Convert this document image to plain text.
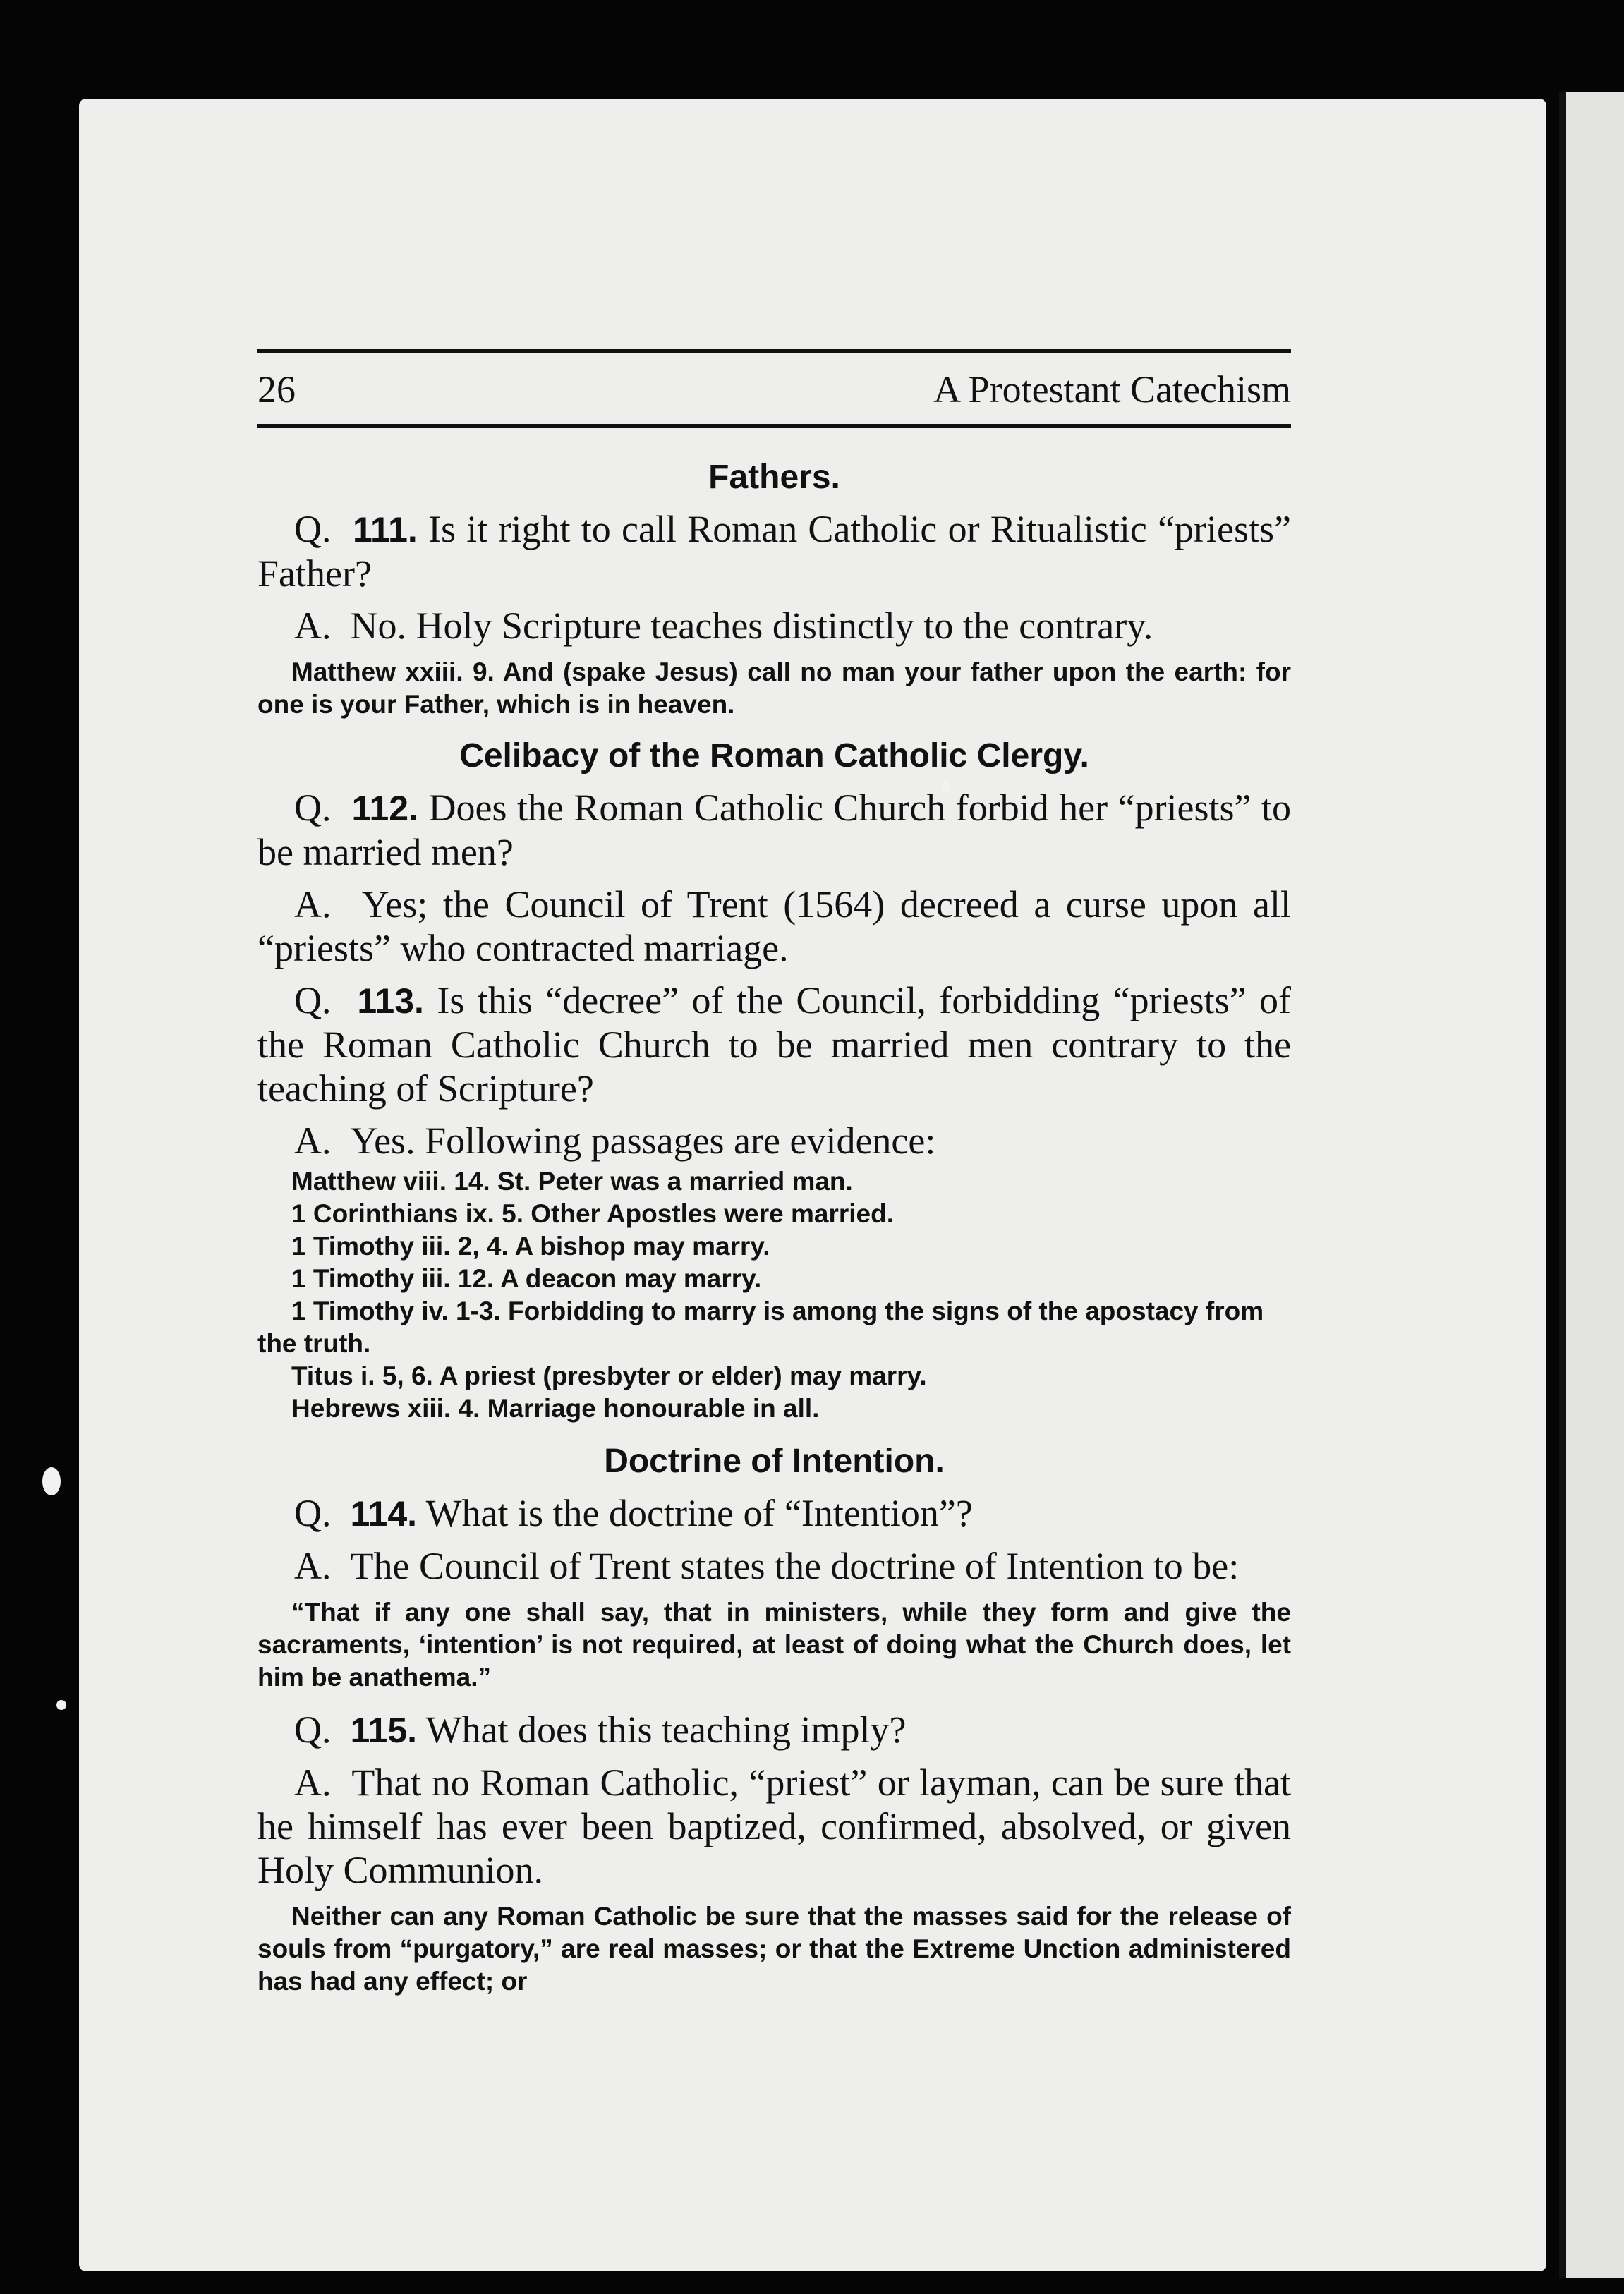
26	A Protestant Catechism
Fathers.

Q. 111. Is it right to call Roman Catholic or Ritualistic “priests” Father?

A. No. Holy Scripture teaches distinctly to the contrary.

Matthew xxiii. 9. And (spake Jesus) call no man your father upon the earth: for one is your Father, which is in heaven.

Celibacy of the Roman Catholic Clergy.

Q. 112. Does the Roman Catholic Church forbid her “priests” to be married men?

A. Yes; the Council of Trent (1564) decreed a curse upon all “priests” who contracted marriage.

Q. 113. Is this “decree” of the Council, forbidding “priests” of the Roman Catholic Church to be married men contrary to the teaching of Scripture?

A. Yes. Following passages are evidence:

Matthew viii. 14. St. Peter was a married man.
1 Corinthians ix. 5. Other Apostles were married.
1 Timothy iii. 2, 4. A bishop may marry.
1 Timothy iii. 12. A deacon may marry.
1 Timothy iv. 1-3. Forbidding to marry is among the signs of the apostacy from the truth.
Titus i. 5, 6. A priest (presbyter or elder) may marry.
Hebrews xiii. 4. Marriage honourable in all.
Doctrine of Intention.

Q. 114. What is the doctrine of “Intention”?

A. The Council of Trent states the doctrine of Intention to be:

“That if any one shall say, that in ministers, while they form and give the sacraments, ‘intention’ is not required, at least of doing what the Church does, let him be anathema.”

Q. 115. What does this teaching imply?

A. That no Roman Catholic, “priest” or layman, can be sure that he himself has ever been baptized, confirmed, absolved, or given Holy Communion.

Neither can any Roman Catholic be sure that the masses said for the release of souls from “purgatory,” are real masses; or that the Extreme Unction administered has had any effect; or
